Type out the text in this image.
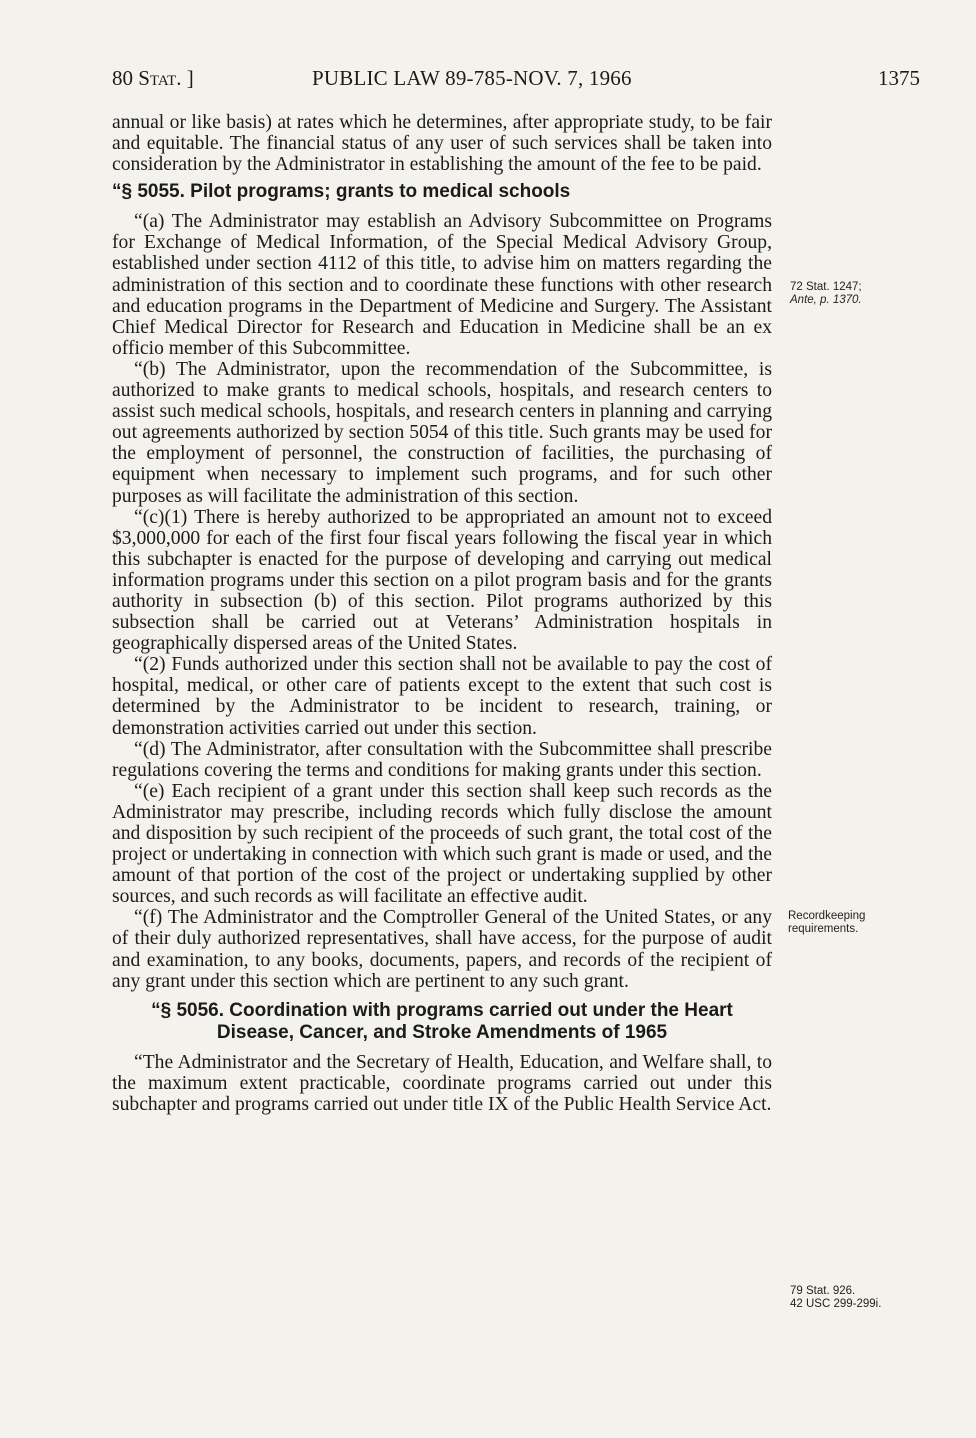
80 Stat. ]	PUBLIC LAW 89-785-NOV. 7, 1966	1375

annual or like basis) at rates which he determines, after appropriate study, to be fair and equitable. The financial status of any user of such services shall be taken into consideration by the Administrator in establishing the amount of the fee to be paid.

“§ 5055. Pilot programs; grants to medical schools

“(a) The Administrator may establish an Advisory Subcommittee on Programs for Exchange of Medical Information, of the Special Medical Advisory Group, established under section 4112 of this title, to advise him on matters regarding the administration of this section and to coordinate these functions with other research and education programs in the Department of Medicine and Surgery. The Assistant Chief Medical Director for Research and Education in Medicine shall be an ex officio member of this Subcommittee.

“(b) The Administrator, upon the recommendation of the Subcommittee, is authorized to make grants to medical schools, hospitals, and research centers to assist such medical schools, hospitals, and research centers in planning and carrying out agreements authorized by section 5054 of this title. Such grants may be used for the employment of personnel, the construction of facilities, the purchasing of equipment when necessary to implement such programs, and for such other purposes as will facilitate the administration of this section.

“(c)(1) There is hereby authorized to be appropriated an amount not to exceed $3,000,000 for each of the first four fiscal years following the fiscal year in which this subchapter is enacted for the purpose of developing and carrying out medical information programs under this section on a pilot program basis and for the grants authority in subsection (b) of this section. Pilot programs authorized by this subsection shall be carried out at Veterans’ Administration hospitals in geographically dispersed areas of the United States.

“(2) Funds authorized under this section shall not be available to pay the cost of hospital, medical, or other care of patients except to the extent that such cost is determined by the Administrator to be incident to research, training, or demonstration activities carried out under this section.

“(d) The Administrator, after consultation with the Subcommittee shall prescribe regulations covering the terms and conditions for making grants under this section.

“(e) Each recipient of a grant under this section shall keep such records as the Administrator may prescribe, including records which fully disclose the amount and disposition by such recipient of the proceeds of such grant, the total cost of the project or undertaking in connection with which such grant is made or used, and the amount of that portion of the cost of the project or undertaking supplied by other sources, and such records as will facilitate an effective audit.

“(f) The Administrator and the Comptroller General of the United States, or any of their duly authorized representatives, shall have access, for the purpose of audit and examination, to any books, documents, papers, and records of the recipient of any grant under this section which are pertinent to any such grant.

“§ 5056. Coordination with programs carried out under the Heart Disease, Cancer, and Stroke Amendments of 1965

“The Administrator and the Secretary of Health, Education, and Welfare shall, to the maximum extent practicable, coordinate programs carried out under this subchapter and programs carried out under title IX of the Public Health Service Act.

72 Stat. 1247;
Ante, p. 1370.
Recordkeeping
requirements.
79 Stat. 926.
42 USC 299-299i.
